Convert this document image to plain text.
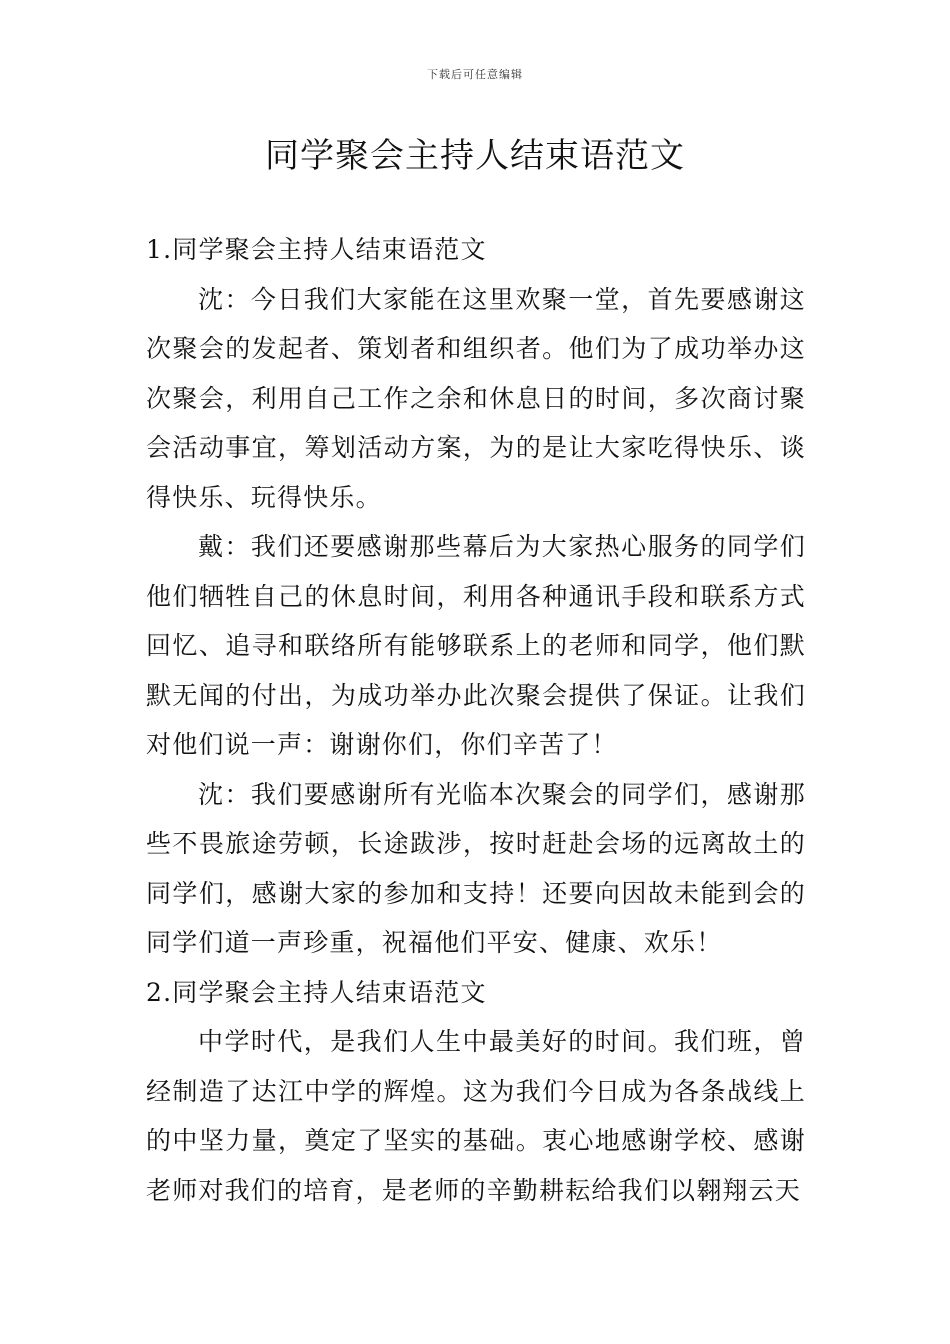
下载后可任意编辑
同学聚会主持人结束语范文

1.同学聚会主持人结束语范文

沈：今日我们大家能在这里欢聚一堂，首先要感谢这次聚会的发起者、策划者和组织者。他们为了成功举办这次聚会，利用自己工作之余和休息日的时间，多次商讨聚会活动事宜，筹划活动方案，为的是让大家吃得快乐、谈得快乐、玩得快乐。

戴：我们还要感谢那些幕后为大家热心服务的同学们他们牺牲自己的休息时间，利用各种通讯手段和联系方式回忆、追寻和联络所有能够联系上的老师和同学，他们默默无闻的付出，为成功举办此次聚会提供了保证。让我们对他们说一声：谢谢你们，你们辛苦了！

沈：我们要感谢所有光临本次聚会的同学们，感谢那些不畏旅途劳顿，长途跋涉，按时赶赴会场的远离故土的同学们，感谢大家的参加和支持！还要向因故未能到会的同学们道一声珍重，祝福他们平安、健康、欢乐！

2.同学聚会主持人结束语范文

中学时代，是我们人生中最美好的时间。我们班，曾经制造了达江中学的辉煌。这为我们今日成为各条战线上的中坚力量，奠定了坚实的基础。衷心地感谢学校、感谢老师对我们的培育，是老师的辛勤耕耘给我们以翱翔云天
